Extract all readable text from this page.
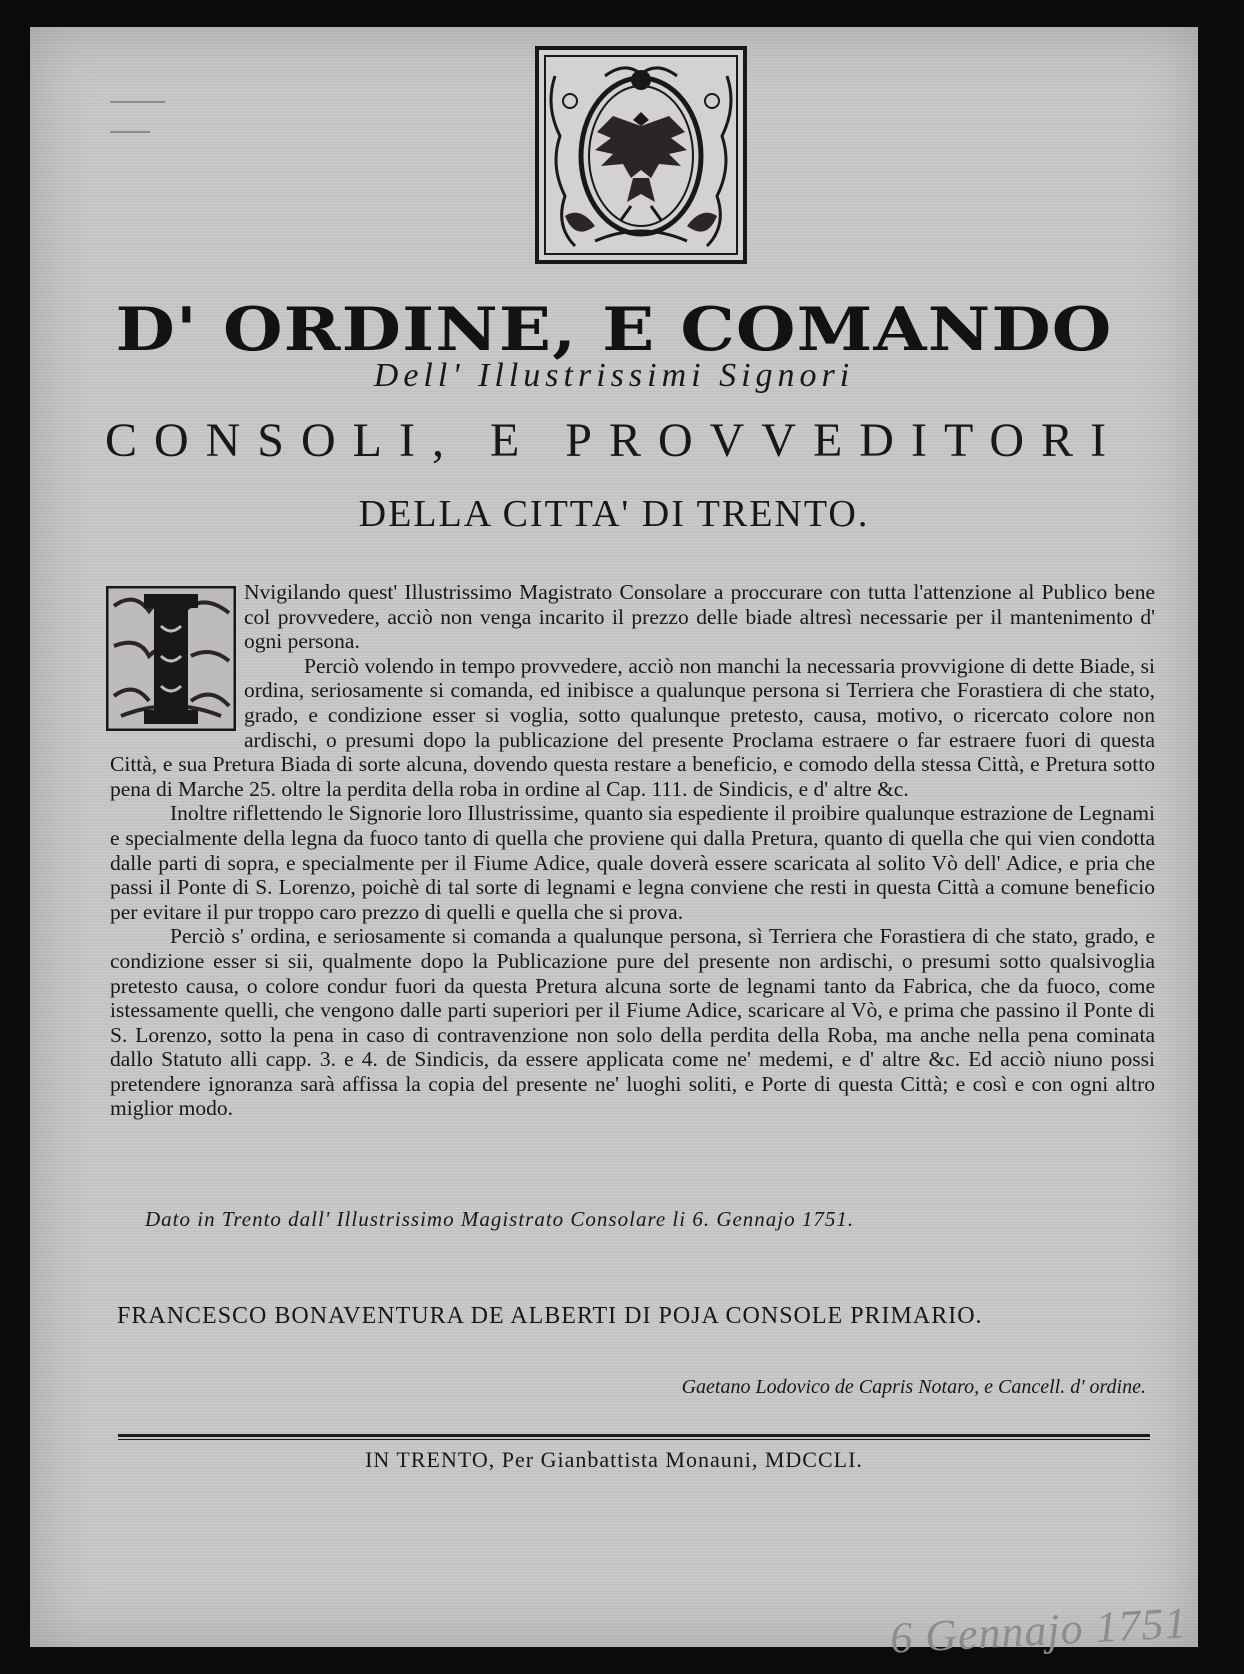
D' ORDINE, E COMANDO
Dell' Illustrissimi Signori
CONSOLI, E PROVVEDITORI
DELLA CITTA' DI TRENTO.

Nvigilando quest' Illustrissimo Magistrato Consolare a proccurare con tutta l'attenzione al Publico bene col provvedere, acciò non venga incarito il prezzo delle biade altresì necessarie per il mantenimento d' ogni persona.

Perciò volendo in tempo provvedere, acciò non manchi la necessaria provvigione di dette Biade, si ordina, seriosamente si comanda, ed inibisce a qualunque persona si Terriera che Forastiera di che stato, grado, e condizione esser si voglia, sotto qualunque pretesto, causa, motivo, o ricercato colore non ardischi, o presumi dopo la publicazione del presente Proclama estraere o far estraere fuori di questa Città, e sua Pretura Biada di sorte alcuna, dovendo questa restare a beneficio, e comodo della stessa Città, e Pretura sotto pena di Marche 25. oltre la perdita della roba in ordine al Cap. 111. de Sindicis, e d' altre &c.

Inoltre riflettendo le Signorie loro Illustrissime, quanto sia espediente il proibire qualunque estrazione de Legnami e specialmente della legna da fuoco tanto di quella che proviene qui dalla Pretura, quanto di quella che qui vien condotta dalle parti di sopra, e specialmente per il Fiume Adice, quale doverà essere scaricata al solito Vò dell' Adice, e pria che passi il Ponte di S. Lorenzo, poichè di tal sorte di legnami e legna conviene che resti in questa Città a comune beneficio per evitare il pur troppo caro prezzo di quelli e quella che si prova.

Perciò s' ordina, e seriosamente si comanda a qualunque persona, sì Terriera che Forastiera di che stato, grado, e condizione esser si sii, qualmente dopo la Publicazione pure del presente non ardischi, o presumi sotto qualsivoglia pretesto causa, o colore condur fuori da questa Pretura alcuna sorte de legnami tanto da Fabrica, che da fuoco, come istessamente quelli, che vengono dalle parti superiori per il Fiume Adice, scaricare al Vò, e prima che passino il Ponte di S. Lorenzo, sotto la pena in caso di contravenzione non solo della perdita della Roba, ma anche nella pena cominata dallo Statuto alli capp. 3. e 4. de Sindicis, da essere applicata come ne' medemi, e d' altre &c. Ed acciò niuno possi pretendere ignoranza sarà affissa la copia del presente ne' luoghi soliti, e Porte di questa Città; e così e con ogni altro miglior modo.

Dato in Trento dall' Illustrissimo Magistrato Consolare li 6. Gennajo 1751.
FRANCESCO BONAVENTURA DE ALBERTI DI POJA CONSOLE PRIMARIO.
Gaetano Lodovico de Capris Notaro, e Cancell. d' ordine.
IN TRENTO, Per Gianbattista Monauni, MDCCLI.
6 Gennajo 1751
